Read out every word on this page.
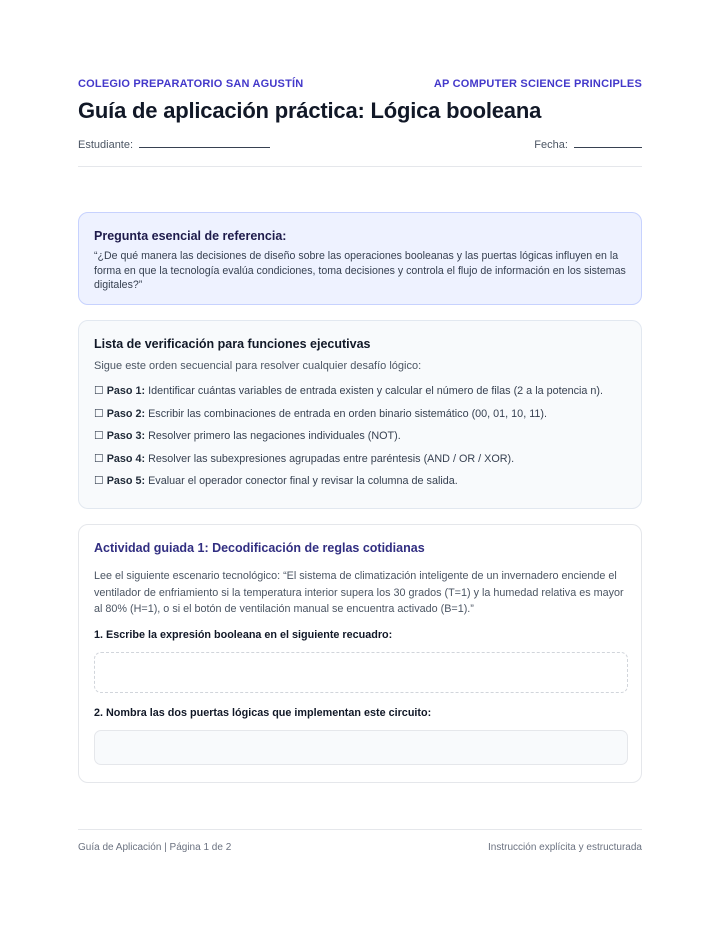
COLEGIO PREPARATORIO SAN AGUSTÍN	AP COMPUTER SCIENCE PRINCIPLES
Guía de aplicación práctica: Lógica booleana
Estudiante:	Fecha:
Pregunta esencial de referencia:
“¿De qué manera las decisiones de diseño sobre las operaciones booleanas y las puertas lógicas influyen en la forma en que la tecnología evalúa condiciones, toma decisiones y controla el flujo de información en los sistemas digitales?”
Lista de verificación para funciones ejecutivas
Sigue este orden secuencial para resolver cualquier desafío lógico:
☐ Paso 1: Identificar cuántas variables de entrada existen y calcular el número de filas (2 a la potencia n).
☐ Paso 2: Escribir las combinaciones de entrada en orden binario sistemático (00, 01, 10, 11).
☐ Paso 3: Resolver primero las negaciones individuales (NOT).
☐ Paso 4: Resolver las subexpresiones agrupadas entre paréntesis (AND / OR / XOR).
☐ Paso 5: Evaluar el operador conector final y revisar la columna de salida.
Actividad guiada 1: Decodificación de reglas cotidianas
Lee el siguiente escenario tecnológico: “El sistema de climatización inteligente de un invernadero enciende el ventilador de enfriamiento si la temperatura interior supera los 30 grados (T=1) y la humedad relativa es mayor al 80% (H=1), o si el botón de ventilación manual se encuentra activado (B=1).”
1. Escribe la expresión booleana en el siguiente recuadro:
2. Nombra las dos puertas lógicas que implementan este circuito:
Guía de Aplicación | Página 1 de 2	Instrucción explícita y estructurada
